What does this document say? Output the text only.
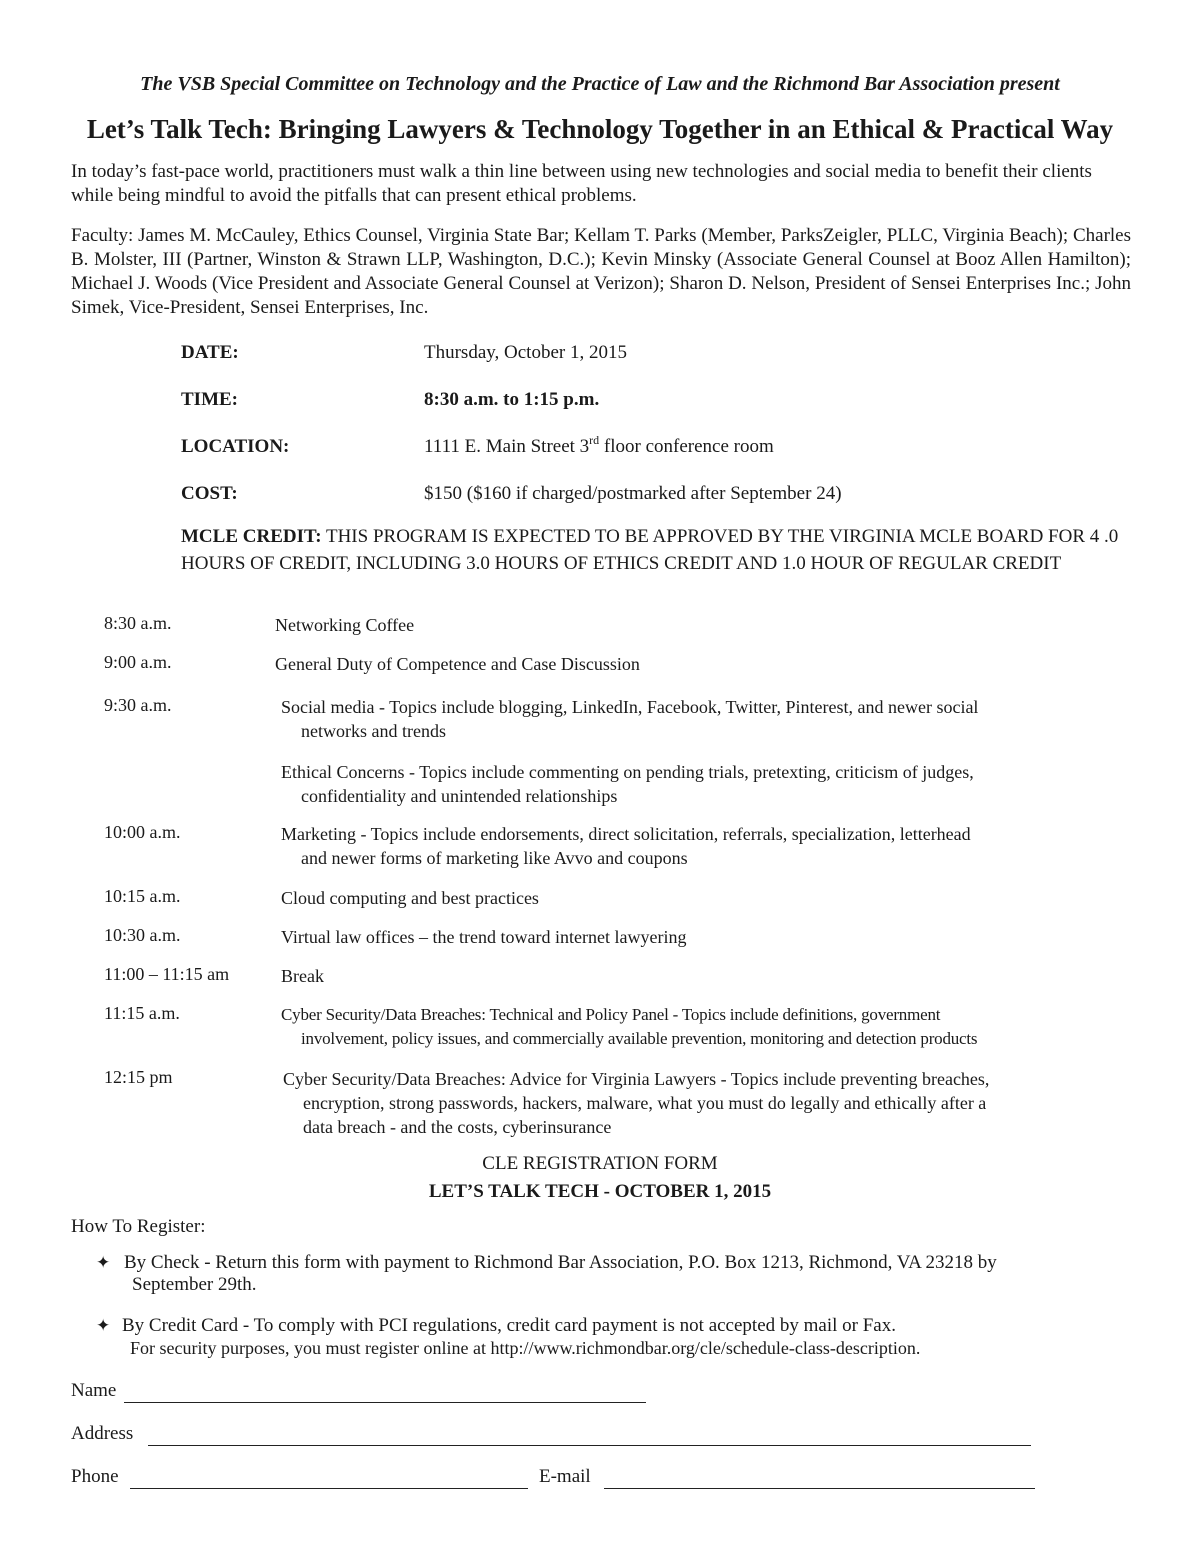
The VSB Special Committee on Technology and the Practice of Law and the Richmond Bar Association present
Let’s Talk Tech: Bringing Lawyers & Technology Together in an Ethical & Practical Way
In today’s fast-pace world, practitioners must walk a thin line between using new technologies and social media to benefit their clients while being mindful to avoid the pitfalls that can present ethical problems.
Faculty: James M. McCauley, Ethics Counsel, Virginia State Bar; Kellam T. Parks (Member, ParksZeigler, PLLC, Virginia Beach); Charles B. Molster, III (Partner, Winston & Strawn LLP, Washington, D.C.); Kevin Minsky (Associate General Counsel at Booz Allen Hamilton); Michael J. Woods (Vice President and Associate General Counsel at Verizon); Sharon D. Nelson, President of Sensei Enterprises Inc.; John Simek, Vice-President, Sensei Enterprises, Inc.
DATE:	Thursday, October 1, 2015
TIME:	8:30 a.m. to 1:15 p.m.
LOCATION:	1111 E. Main Street 3rd floor conference room
COST:	$150 ($160 if charged/postmarked after September 24)
MCLE CREDIT: THIS PROGRAM IS EXPECTED TO BE APPROVED BY THE VIRGINIA MCLE BOARD FOR 4 .0 HOURS OF CREDIT, INCLUDING 3.0 HOURS OF ETHICS CREDIT AND 1.0 HOUR OF REGULAR CREDIT
8:30 a.m.	Networking Coffee
9:00 a.m.	General Duty of Competence and Case Discussion
9:30 a.m.	Social media - Topics include blogging, LinkedIn, Facebook, Twitter, Pinterest, and newer social
networks and trends
Ethical Concerns - Topics include commenting on pending trials, pretexting, criticism of judges,
confidentiality and unintended relationships
10:00 a.m.	Marketing - Topics include endorsements, direct solicitation, referrals, specialization, letterhead
and newer forms of marketing like Avvo and coupons
10:15 a.m.	Cloud computing and best practices
10:30 a.m.	Virtual law offices – the trend toward internet lawyering
11:00 – 11:15 am	Break
11:15 a.m.	Cyber Security/Data Breaches: Technical and Policy Panel - Topics include definitions, government
involvement, policy issues, and commercially available prevention, monitoring and detection products
12:15 pm	Cyber Security/Data Breaches: Advice for Virginia Lawyers - Topics include preventing breaches,
encryption, strong passwords, hackers, malware, what you must do legally and ethically after a
data breach - and the costs, cyberinsurance
CLE REGISTRATION FORM
LET’S TALK TECH - OCTOBER 1, 2015
How To Register:
✦ By Check - Return this form with payment to Richmond Bar Association, P.O. Box 1213, Richmond, VA 23218 by
September 29th.
✦ By Credit Card - To comply with PCI regulations, credit card payment is not accepted by mail or Fax.
For security purposes, you must register online at http://www.richmondbar.org/cle/schedule-class-description.
Name
Address
Phone	E-mail
